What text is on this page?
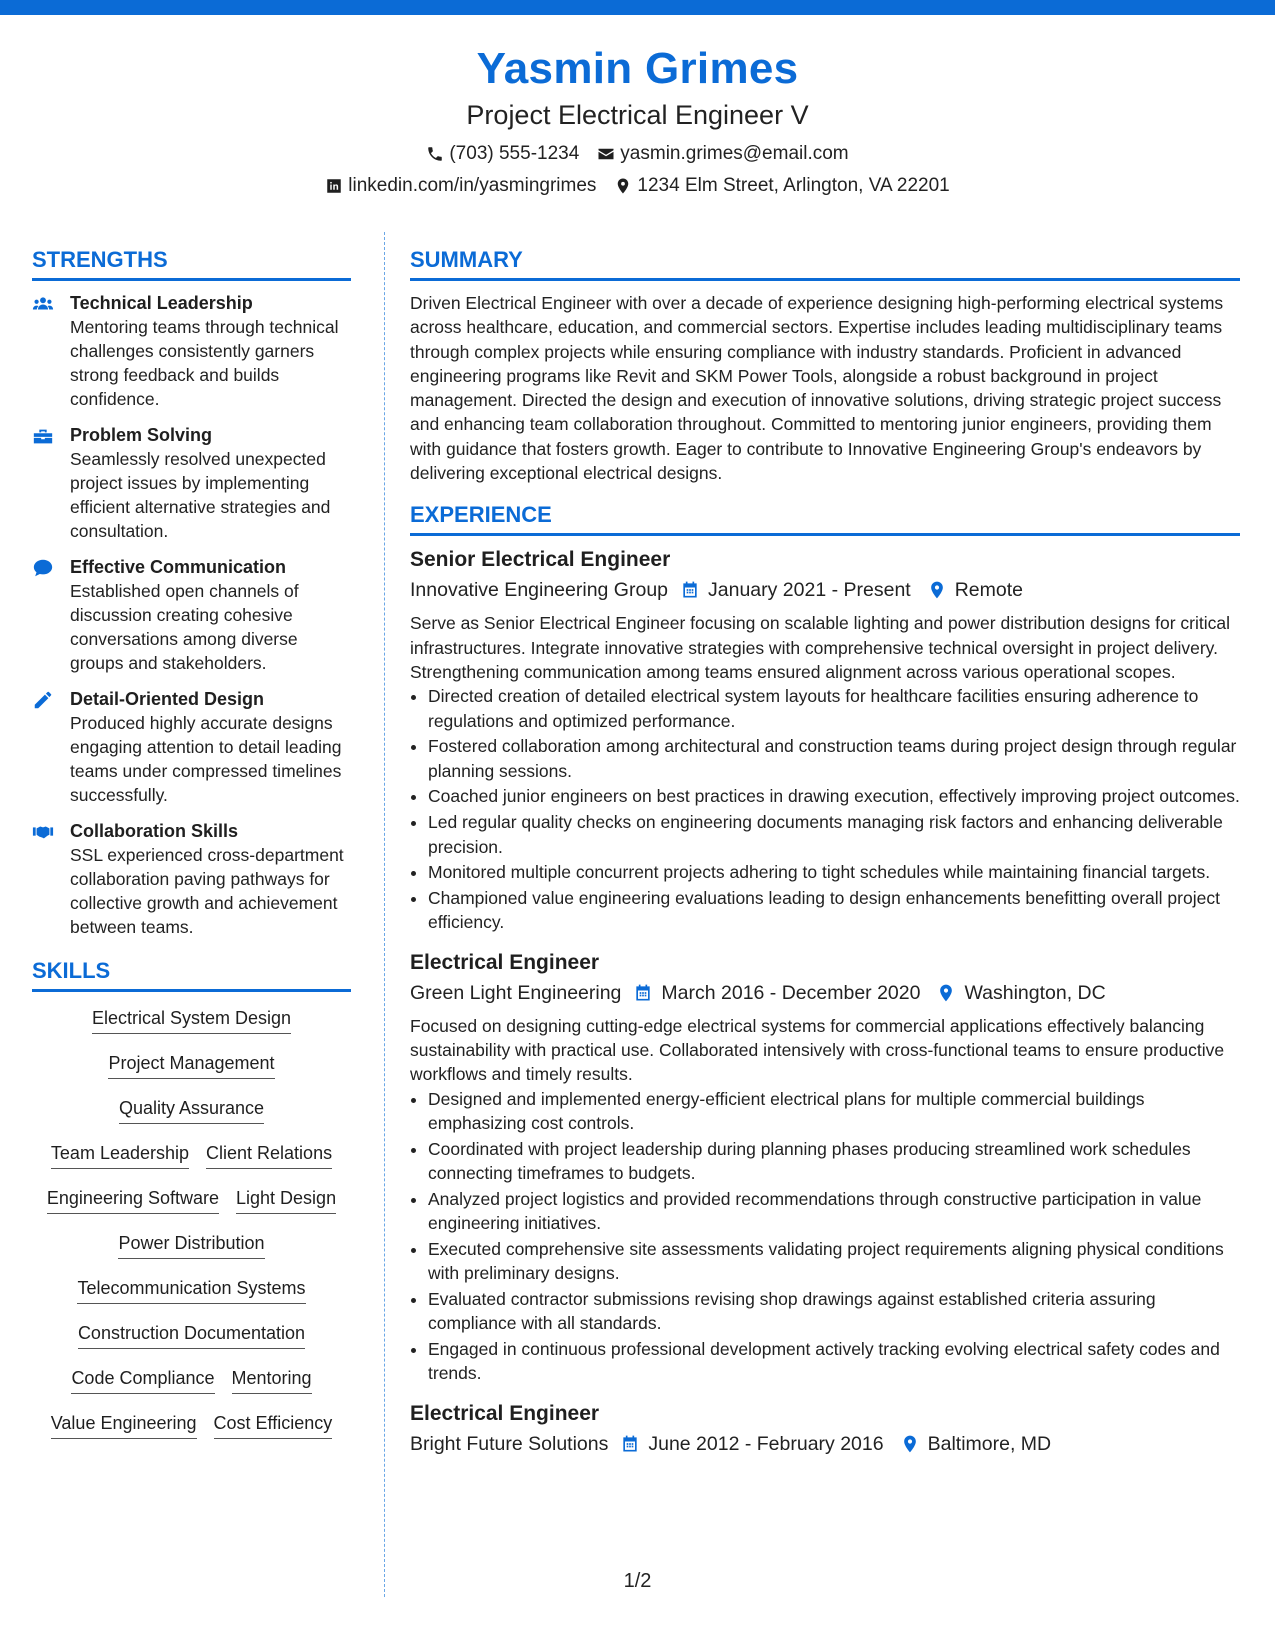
Yasmin Grimes
Project Electrical Engineer V
(703) 555-1234 yasmin.grimes@email.com
linkedin.com/in/yasmingrimes 1234 Elm Street, Arlington, VA 22201
STRENGTHS
Technical Leadership
Mentoring teams through technical challenges consistently garners strong feedback and builds confidence.
Problem Solving
Seamlessly resolved unexpected project issues by implementing efficient alternative strategies and consultation.
Effective Communication
Established open channels of discussion creating cohesive conversations among diverse groups and stakeholders.
Detail-Oriented Design
Produced highly accurate designs engaging attention to detail leading teams under compressed timelines successfully.
Collaboration Skills
SSL experienced cross-department collaboration paving pathways for collective growth and achievement between teams.
SKILLS
Electrical System Design
Project Management
Quality Assurance
Team Leadership Client Relations
Engineering Software Light Design
Power Distribution
Telecommunication Systems
Construction Documentation
Code Compliance Mentoring
Value Engineering Cost Efficiency
SUMMARY
Driven Electrical Engineer with over a decade of experience designing high-performing electrical systems across healthcare, education, and commercial sectors. Expertise includes leading multidisciplinary teams through complex projects while ensuring compliance with industry standards. Proficient in advanced engineering programs like Revit and SKM Power Tools, alongside a robust background in project management. Directed the design and execution of innovative solutions, driving strategic project success and enhancing team collaboration throughout. Committed to mentoring junior engineers, providing them with guidance that fosters growth. Eager to contribute to Innovative Engineering Group's endeavors by delivering exceptional electrical designs.
EXPERIENCE
Senior Electrical Engineer
Innovative Engineering Group January 2021 - Present Remote
Serve as Senior Electrical Engineer focusing on scalable lighting and power distribution designs for critical infrastructures. Integrate innovative strategies with comprehensive technical oversight in project delivery. Strengthening communication among teams ensured alignment across various operational scopes.
• Directed creation of detailed electrical system layouts for healthcare facilities ensuring adherence to regulations and optimized performance.
• Fostered collaboration among architectural and construction teams during project design through regular planning sessions.
• Coached junior engineers on best practices in drawing execution, effectively improving project outcomes.
• Led regular quality checks on engineering documents managing risk factors and enhancing deliverable precision.
• Monitored multiple concurrent projects adhering to tight schedules while maintaining financial targets.
• Championed value engineering evaluations leading to design enhancements benefitting overall project efficiency.
Electrical Engineer
Green Light Engineering March 2016 - December 2020 Washington, DC
Focused on designing cutting-edge electrical systems for commercial applications effectively balancing sustainability with practical use. Collaborated intensively with cross-functional teams to ensure productive workflows and timely results.
• Designed and implemented energy-efficient electrical plans for multiple commercial buildings emphasizing cost controls.
• Coordinated with project leadership during planning phases producing streamlined work schedules connecting timeframes to budgets.
• Analyzed project logistics and provided recommendations through constructive participation in value engineering initiatives.
• Executed comprehensive site assessments validating project requirements aligning physical conditions with preliminary designs.
• Evaluated contractor submissions revising shop drawings against established criteria assuring compliance with all standards.
• Engaged in continuous professional development actively tracking evolving electrical safety codes and trends.
Electrical Engineer
Bright Future Solutions June 2012 - February 2016 Baltimore, MD
1/2
